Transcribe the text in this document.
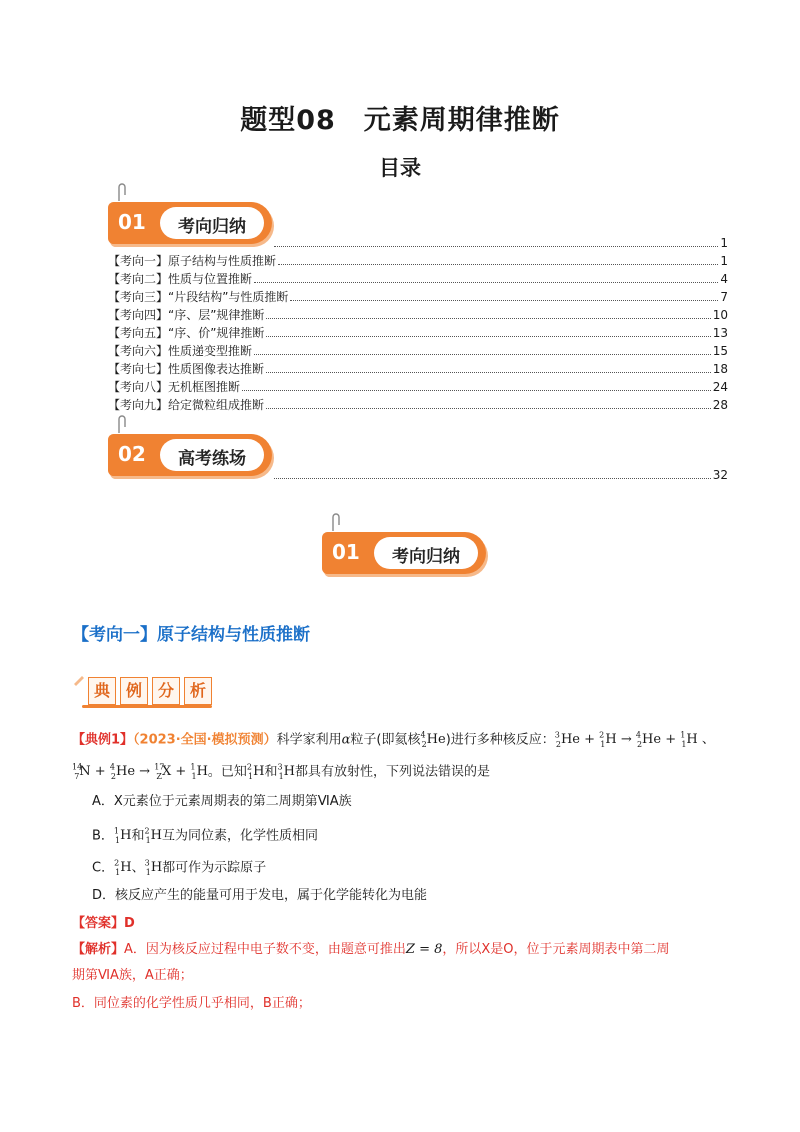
题型08　元素周期律推断
目录
01	考向归纳
1
【考向一】原子结构与性质推断	1
【考向二】性质与位置推断	4
【考向三】“片段结构”与性质推断	7
【考向四】“序、层”规律推断	10
【考向五】“序、价”规律推断	13
【考向六】性质递变型推断	15
【考向七】性质图像表达推断	18
【考向八】无机框图推断	24
【考向九】给定微粒组成推断	28
02	高考练场
32
01	考向归纳
【考向一】原子结构与性质推断
典 例 分 析
【典例1】（2023·全国·模拟预测）科学家利用α粒子(即氦核$^4_2$He)进行多种核反应：$^3_2$He + $^2_1$H → $^4_2$He + $^1_1$H 、
$^{14}_7$N + $^4_2$He → $^{17}_Z$X + $^1_1$H。已知$^2_1$H和$^3_1$H都具有放射性，下列说法错误的是
A．X元素位于元素周期表的第二周期第ⅥA族
B．$^1_1$H和$^2_1$H互为同位素，化学性质相同
C．$^2_1$H、$^3_1$H都可作为示踪原子
D．核反应产生的能量可用于发电，属于化学能转化为电能
【答案】D
【解析】A．因为核反应过程中电子数不变，由题意可推出Z = 8，所以X是O，位于元素周期表中第二周
期第ⅥA族，A正确；
B．同位素的化学性质几乎相同，B正确；
